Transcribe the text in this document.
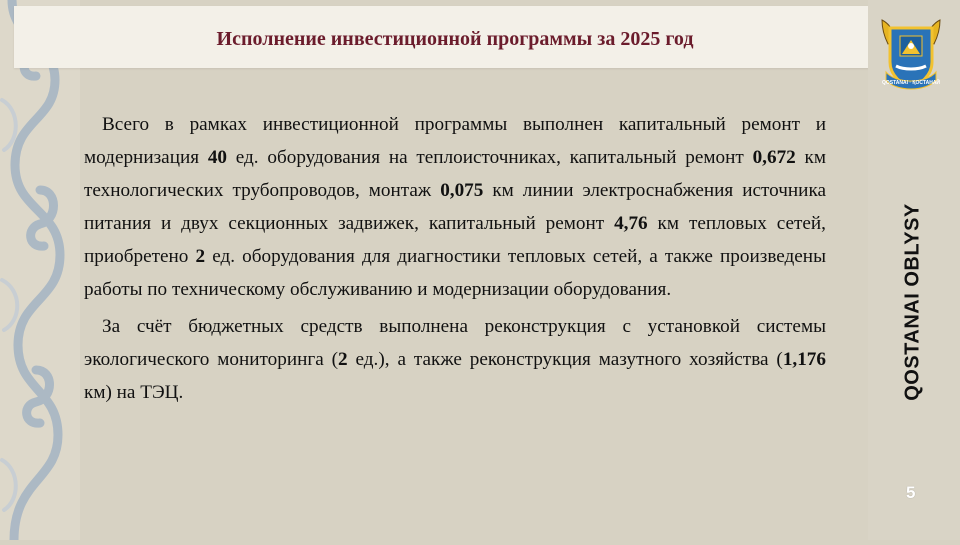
Исполнение инвестиционной программы за 2025 год
QOSTANAI · ҚОСТАНАЙ
QOSTANAI OBLYSY
5

Всего в рамках инвестиционной программы выполнен капитальный ремонт и модернизация 40 ед. оборудования на теплоисточниках, капитальный ремонт 0,672 км технологических трубопроводов, монтаж 0,075 км линии электроснабжения источника питания и двух секционных задвижек, капитальный ремонт 4,76 км тепловых сетей, приобретено 2 ед. оборудования для диагностики тепловых сетей, а также произведены работы по техническому обслуживанию и модернизации оборудования.

За счёт бюджетных средств выполнена реконструкция с установкой системы экологического мониторинга (2 ед.), а также реконструкция мазутного хозяйства (1,176 км) на ТЭЦ.
